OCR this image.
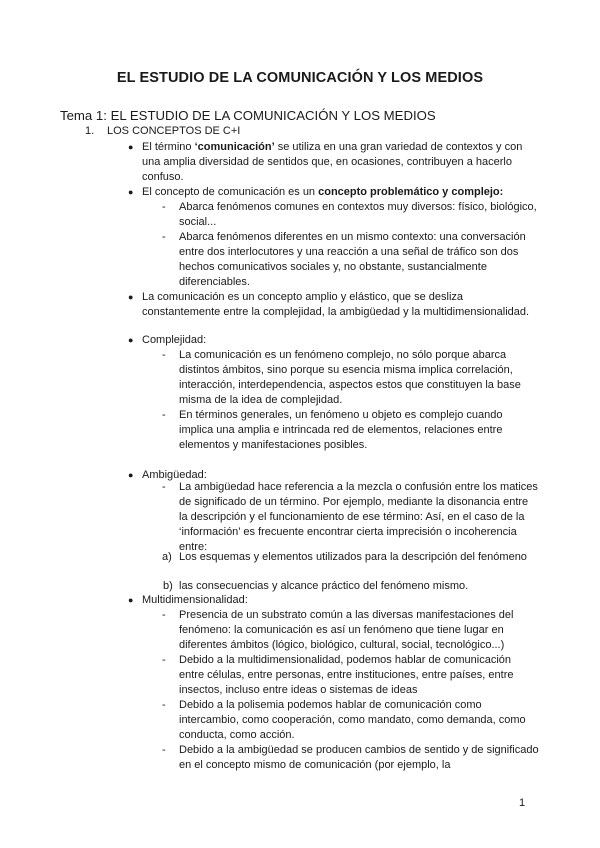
EL ESTUDIO DE LA COMUNICACIÓN Y LOS MEDIOS
Tema 1: EL ESTUDIO DE LA COMUNICACIÓN Y LOS MEDIOS
1. LOS CONCEPTOS DE C+I
● El término ‘comunicación’ se utiliza en una gran variedad de contextos y con una amplia diversidad de sentidos que, en ocasiones, contribuyen a hacerlo confuso.
● El concepto de comunicación es un concepto problemático y complejo:
- Abarca fenómenos comunes en contextos muy diversos: físico, biológico, social...
- Abarca fenómenos diferentes en un mismo contexto: una conversación entre dos interlocutores y una reacción a una señal de tráfico son dos hechos comunicativos sociales y, no obstante, sustancialmente diferenciables.
● La comunicación es un concepto amplio y elástico, que se desliza constantemente entre la complejidad, la ambigüedad y la multidimensionalidad.
● Complejidad:
- La comunicación es un fenómeno complejo, no sólo porque abarca distintos ámbitos, sino porque su esencia misma implica correlación, interacción, interdependencia, aspectos estos que constituyen la base misma de la idea de complejidad.
- En términos generales, un fenómeno u objeto es complejo cuando implica una amplia e intrincada red de elementos, relaciones entre elementos y manifestaciones posibles.
● Ambigüedad:
- La ambigüedad hace referencia a la mezcla o confusión entre los matices de significado de un término. Por ejemplo, mediante la disonancia entre la descripción y el funcionamiento de ese término: Así, en el caso de la ‘información’ es frecuente encontrar cierta imprecisión o incoherencia entre:
a) Los esquemas y elementos utilizados para la descripción del fenómeno
b) las consecuencias y alcance práctico del fenómeno mismo.
● Multidimensionalidad:
- Presencia de un substrato común a las diversas manifestaciones del fenómeno: la comunicación es así un fenómeno que tiene lugar en diferentes ámbitos (lógico, biológico, cultural, social, tecnológico...)
- Debido a la multidimensionalidad, podemos hablar de comunicación entre células, entre personas, entre instituciones, entre países, entre insectos, incluso entre ideas o sistemas de ideas
- Debido a la polisemia podemos hablar de comunicación como intercambio, como cooperación, como mandato, como demanda, como conducta, como acción.
- Debido a la ambigüedad se producen cambios de sentido y de significado en el concepto mismo de comunicación (por ejemplo, la
1
